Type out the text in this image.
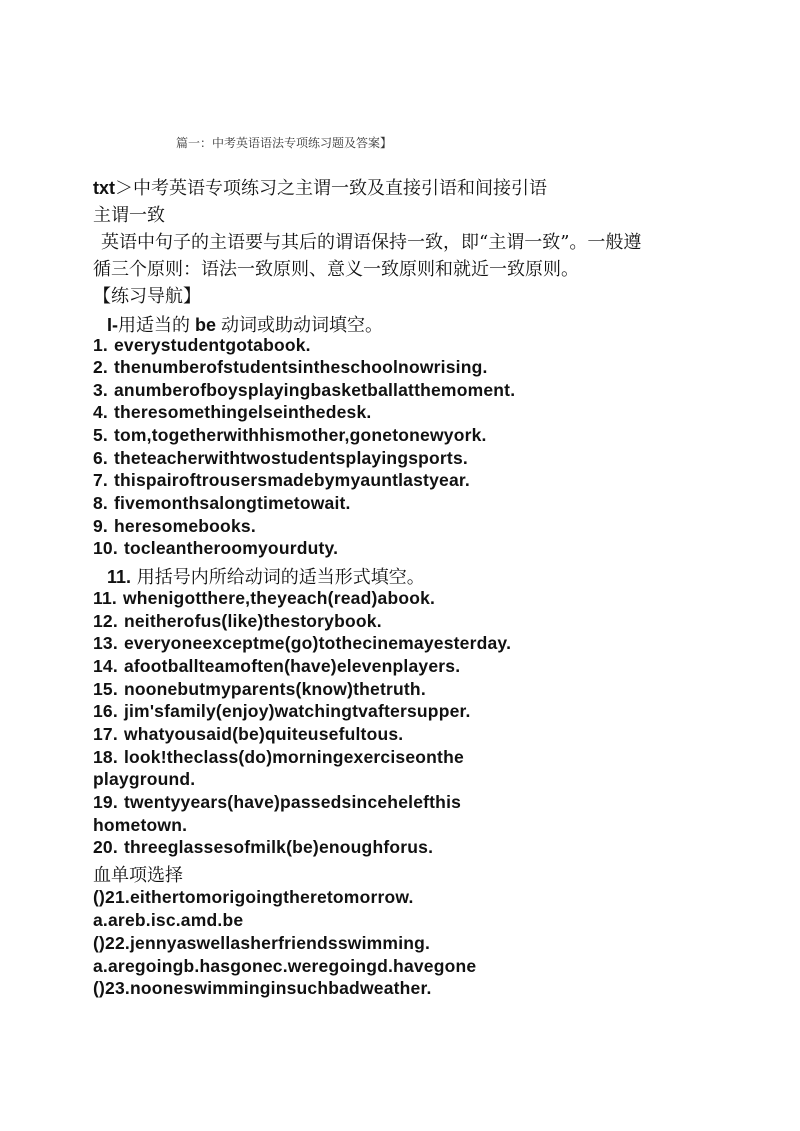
篇一：中考英语语法专项练习题及答案】
txt＞中考英语专项练习之主谓一致及直接引语和间接引语
主谓一致
英语中句子的主语要与其后的谓语保持一致，即“主谓一致”。一般遵
循三个原则：语法一致原则、意义一致原则和就近一致原则。
【练习导航】
I-用适当的 be 动词或助动词填空。
1. everystudentgotabook.
2. thenumberofstudentsintheschoolnowrising.
3. anumberofboysplayingbasketballatthemoment.
4. theresomethingelseinthedesk.
5. tom,togetherwithhismother,gonetonewyork.
6. theteacherwithtwostudentsplayingsports.
7. thispairoftrousersmadebymyauntlastyear.
8. fivemonthsalongtimetowait.
9. heresomebooks.
10. tocleantheroomyourduty.
11. 用括号内所给动词的适当形式填空。
11. whenigotthere,theyeach(read)abook.
12. neitherofus(like)thestorybook.
13. everyoneexceptme(go)tothecinemayesterday.
14. afootballteamoften(have)elevenplayers.
15. noonebutmyparents(know)thetruth.
16. jim'sfamily(enjoy)watchingtvaftersupper.
17. whatyousaid(be)quiteusefultous.
18. look!theclass(do)morningexerciseonthe
playground.
19. twentyyears(have)passedsincehelefthis
hometown.
20. threeglassesofmilk(be)enoughforus.
血单项选择
()21.eithertomorigoingtheretomorrow.
a.areb.isc.amd.be
()22.jennyaswellasherfriendsswimming.
a.aregoingb.hasgonec.weregoingd.havegone
()23.nooneswimminginsuchbadweather.
